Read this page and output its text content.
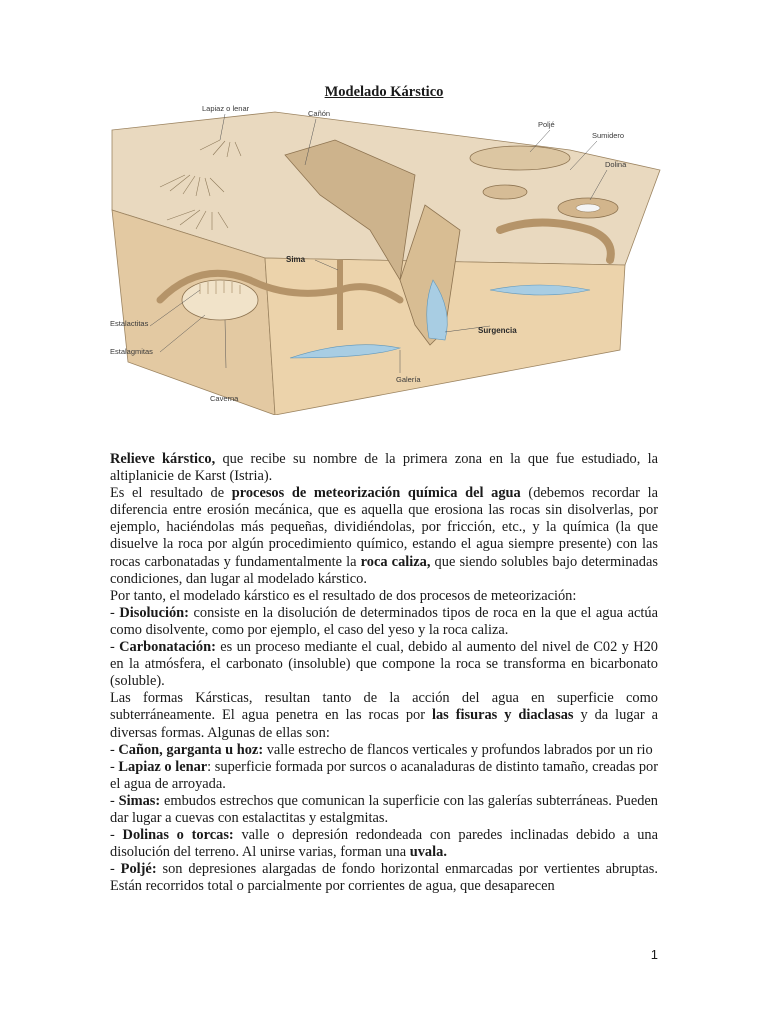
Modelado Kárstico
Lapiaz o lenar
Cañón
Poljé
Sumidero
Dolina
Sima
Estalactitas
Estalagmitas
Surgencia
Galería
Caverna

Relieve kárstico, que recibe su nombre de la primera zona en la que fue estudiado, la altiplanicie de Karst (Istria).

Es el resultado de procesos de meteorización química del agua (debemos recordar la diferencia entre erosión mecánica, que es aquella que erosiona las rocas sin disolverlas, por ejemplo, haciéndolas más pequeñas, dividiéndolas, por fricción, etc., y la química (la que disuelve la roca por algún procedimiento químico, estando el agua siempre presente) con las rocas carbonatadas y fundamentalmente la roca caliza, que siendo solubles bajo determinadas condiciones, dan lugar al modelado kárstico.

Por tanto, el modelado kárstico es el resultado de dos procesos de meteorización:

- Disolución: consiste en la disolución de determinados tipos de roca en la que el agua actúa como disolvente, como por ejemplo, el caso del yeso y la roca caliza.

- Carbonatación: es un proceso mediante el cual, debido al aumento del nivel de C02 y H20 en la atmósfera, el carbonato (insoluble) que compone la roca se transforma en bicarbonato (soluble).

Las formas Kársticas, resultan tanto de la acción del agua en superficie como subterráneamente. El agua penetra en las rocas por las fisuras y diaclasas y da lugar a diversas formas. Algunas de ellas son:

- Cañon, garganta u hoz: valle estrecho de flancos verticales y profundos labrados por un rio

- Lapiaz o lenar: superficie formada por surcos o acanaladuras de distinto tamaño, creadas por el agua de arroyada.

- Simas: embudos estrechos que comunican la superficie con las galerías subterráneas. Pueden dar lugar a cuevas con estalactitas y estalgmitas.

- Dolinas o torcas: valle o depresión redondeada con paredes inclinadas debido a una disolución del terreno. Al unirse varias, forman una uvala.

- Poljé: son depresiones alargadas de fondo horizontal enmarcadas por vertientes abruptas. Están recorridos total o parcialmente por corrientes de agua, que desaparecen

1
